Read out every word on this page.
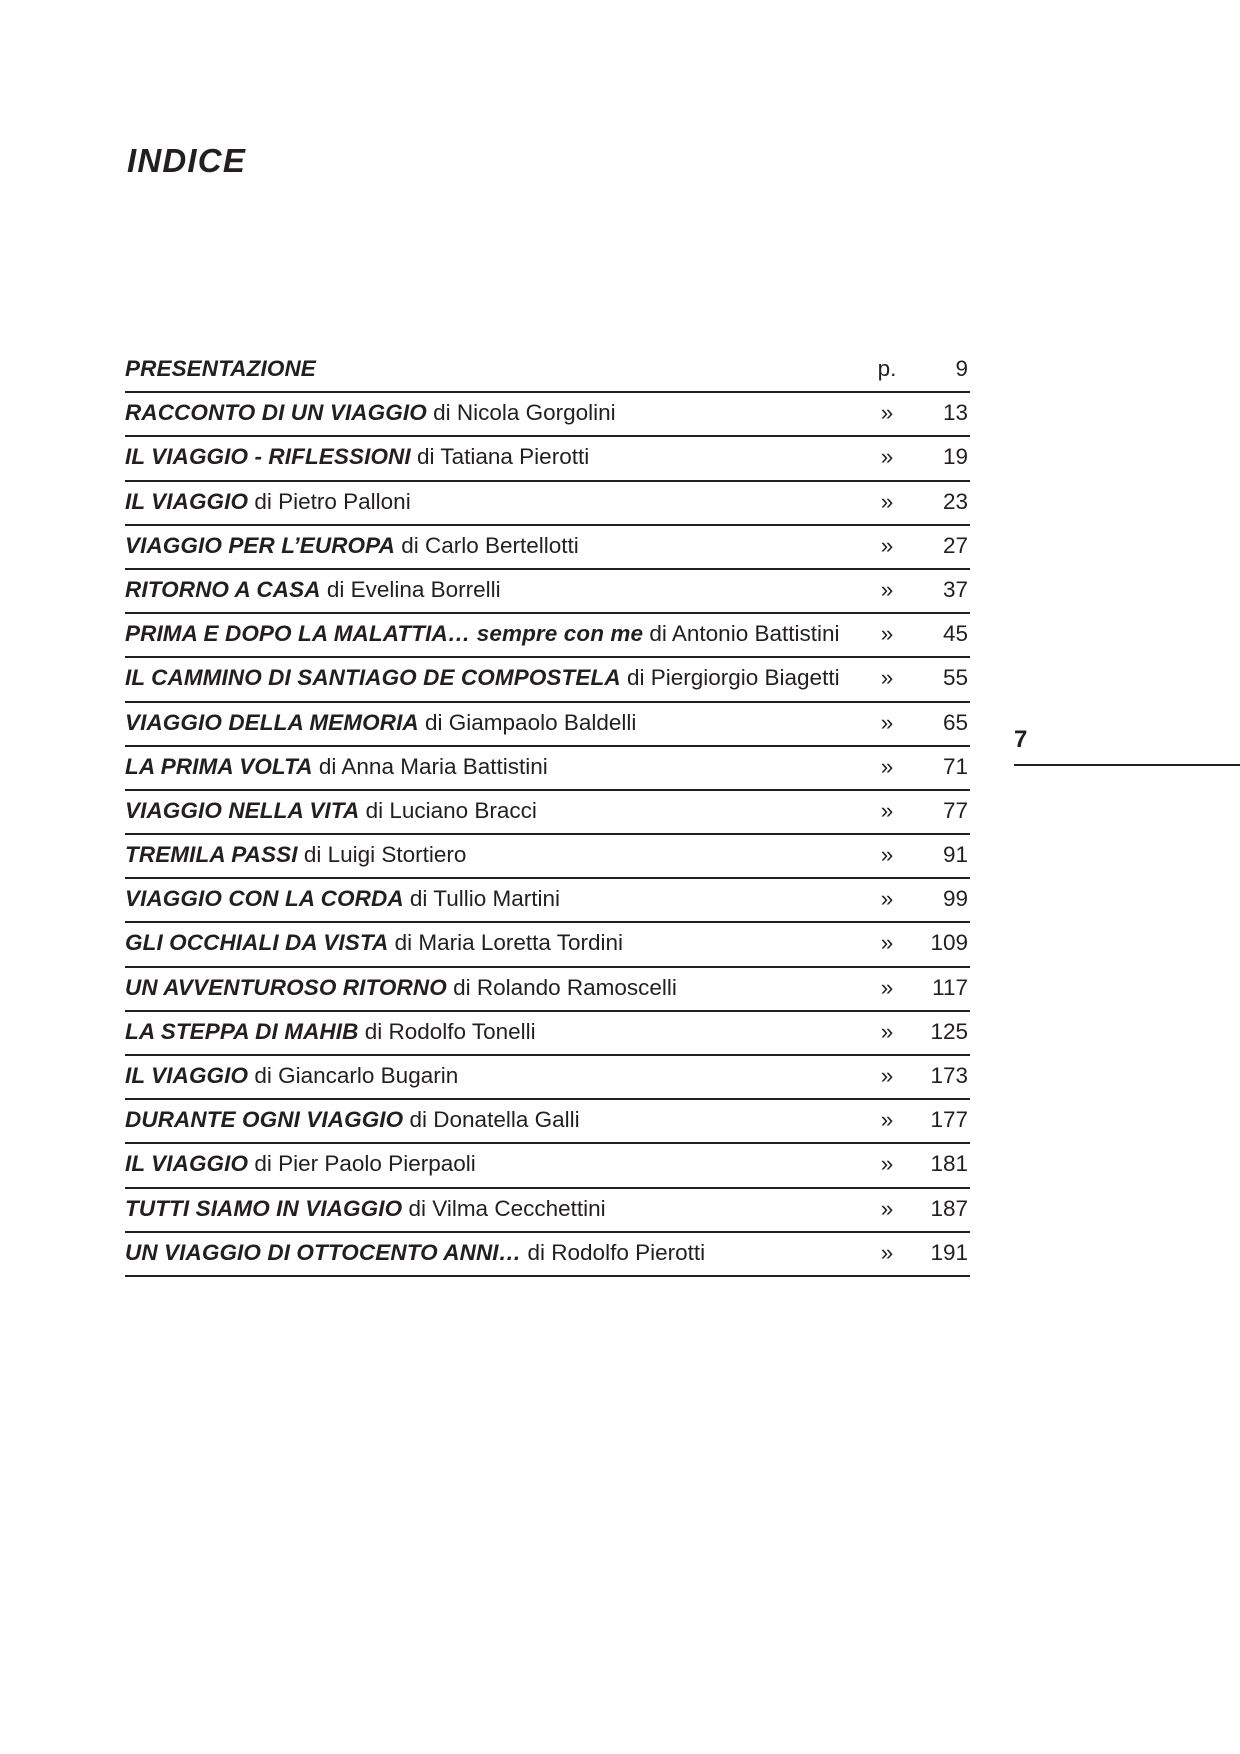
INDICE
PRESENTAZIONE	p.	9
RACCONTO DI UN VIAGGIO di Nicola Gorgolini	»	13
IL VIAGGIO - RIFLESSIONI di Tatiana Pierotti	»	19
IL VIAGGIO di Pietro Palloni	»	23
VIAGGIO PER L’EUROPA di Carlo Bertellotti	»	27
RITORNO A CASA di Evelina Borrelli	»	37
PRIMA E DOPO LA MALATTIA… sempre con me di Antonio Battistini	»	45
IL CAMMINO DI SANTIAGO DE COMPOSTELA di Piergiorgio Biagetti	»	55
VIAGGIO DELLA MEMORIA di Giampaolo Baldelli	»	65
LA PRIMA VOLTA di Anna Maria Battistini	»	71
VIAGGIO NELLA VITA di Luciano Bracci	»	77
TREMILA PASSI di Luigi Stortiero	»	91
VIAGGIO CON LA CORDA di Tullio Martini	»	99
GLI OCCHIALI DA VISTA di Maria Loretta Tordini	»	109
UN AVVENTUROSO RITORNO di Rolando Ramoscelli	»	117
LA STEPPA DI MAHIB di Rodolfo Tonelli	»	125
IL VIAGGIO di Giancarlo Bugarin	»	173
DURANTE OGNI VIAGGIO di Donatella Galli	»	177
IL VIAGGIO di Pier Paolo Pierpaoli	»	181
TUTTI SIAMO IN VIAGGIO di Vilma Cecchettini	»	187
UN VIAGGIO DI OTTOCENTO ANNI… di Rodolfo Pierotti	»	191
7
